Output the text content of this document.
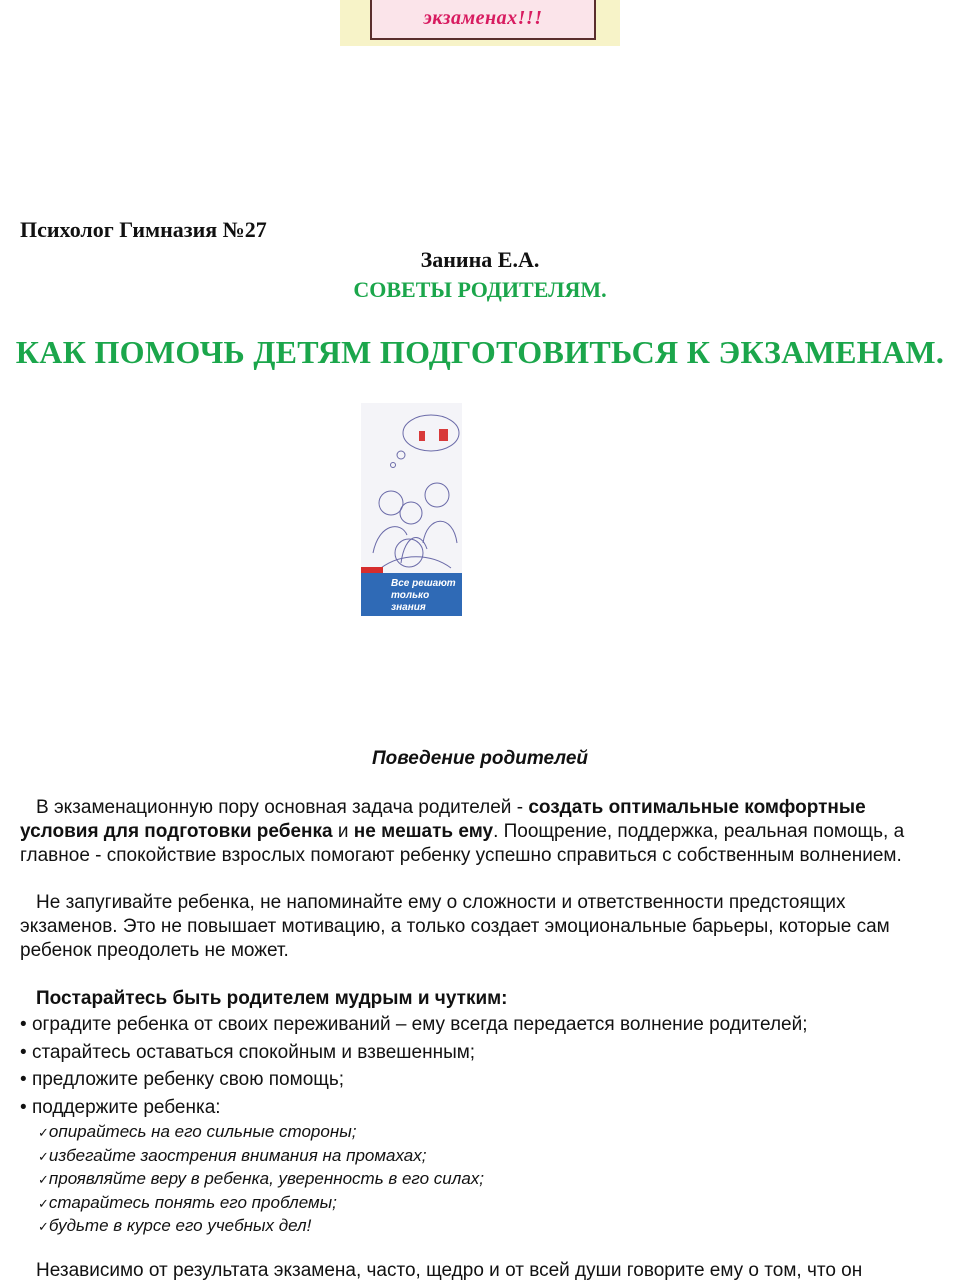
экзаменах!!!
Психолог Гимназия №27
Занина Е.А.
СОВЕТЫ РОДИТЕЛЯМ.
КАК ПОМОЧЬ ДЕТЯМ ПОДГОТОВИТЬСЯ К ЭКЗАМЕНАМ.
Все решают
только знания
Поведение родителей

В экзаменационную пору основная задача родителей - создать оптимальные комфортные условия для подготовки ребенка и не мешать ему. Поощрение, поддержка, реальная помощь, а главное - спокойствие взрослых помогают ребенку успешно справиться с собственным волнением.

Не запугивайте ребенка, не напоминайте ему о сложности и ответственности предстоящих экзаменов. Это не повышает мотивацию, а только создает эмоциональные барьеры, которые сам ребенок преодолеть не может.

Постарайтесь быть родителем мудрым и чутким:

• оградите ребенка от своих переживаний – ему всегда передается волнение родителей;
• старайтесь оставаться спокойным и взвешенным;
• предложите ребенку свою помощь;
• поддержите ребенка:
✓опирайтесь на его сильные стороны;
✓избегайте заострения внимания на промахах;
✓проявляйте веру в ребенка, уверенность в его силах;
✓старайтесь понять его проблемы;
✓будьте в курсе его учебных дел!

Независимо от результата экзамена, часто, щедро и от всей души говорите ему о том, что он
